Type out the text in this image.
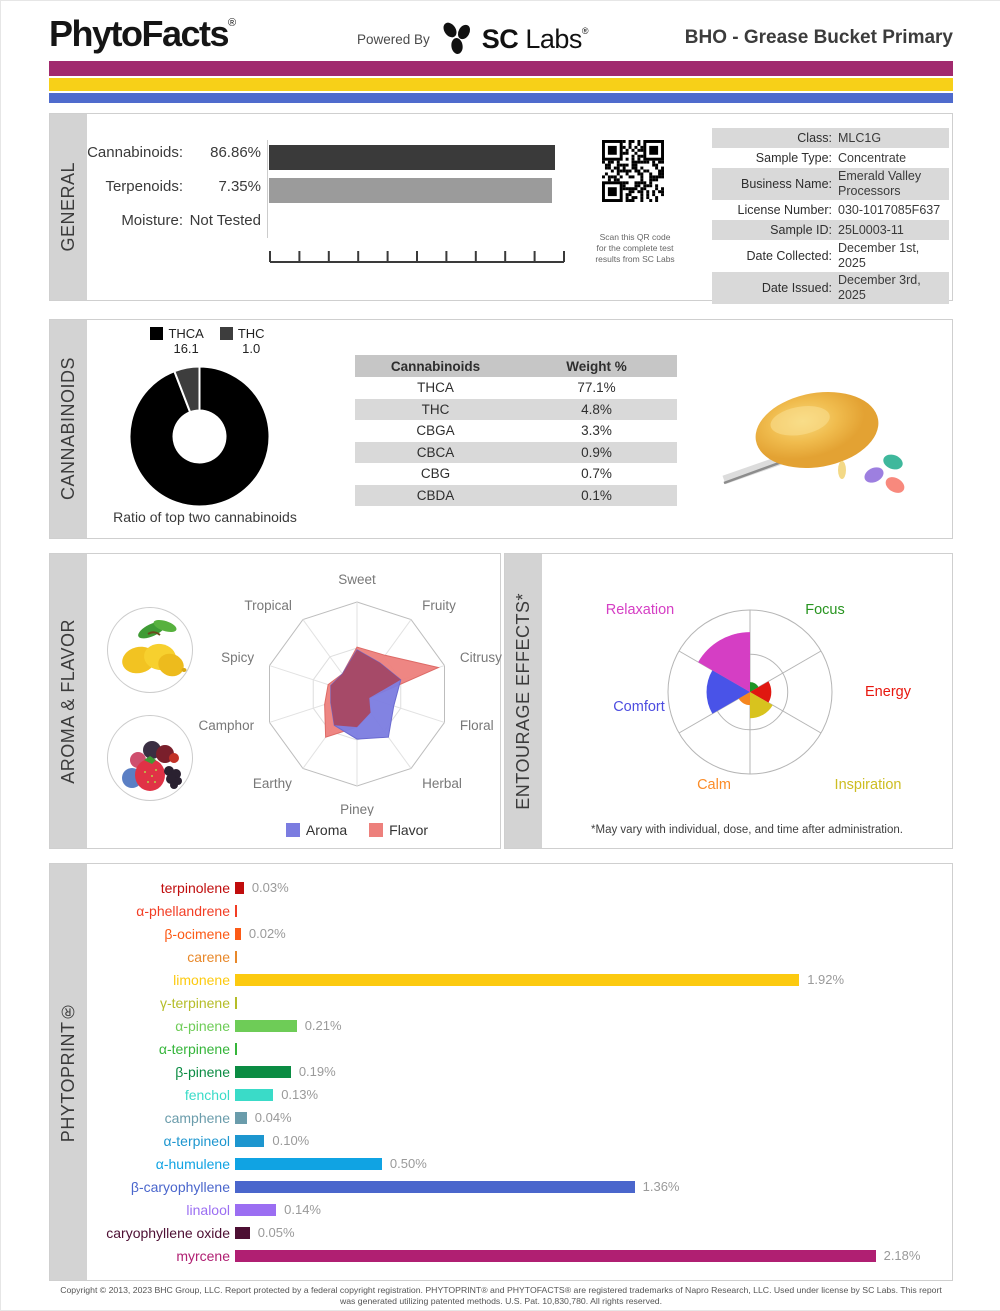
PhytoFacts®
Powered By SC Labs®	BHO - Grease Bucket Primary
GENERAL
Cannabinoids:	86.86%
Terpenoids:	7.35%
Moisture: Not Tested
Scan this QR code
for the complete test
results from SC Labs
Class: MLC1G
Sample Type: Concentrate
Business Name:
Emerald Valley Processors
License Number: 030-1017085F637
Sample ID: 25L0003-11
Date Collected:
December 1st, 2025
Date Issued:
December 3rd, 2025
CANNABINOIDS
THCA
16.1
THC
1.0
Ratio of top two cannabinoids
Cannabinoids	Weight %
THCA	77.1%
THC	4.8%
CBGA	3.3%
CBCA	0.9%
CBG	0.7%
CBDA	0.1%
AROMA & FLAVOR
Sweet
Fruity
Citrusy
Floral
Herbal
Piney
Earthy
Camphor
Spicy
Tropical
Aroma	Flavor
ENTOURAGE EFFECTS*	Focus
Energy
Inspiration
Calm
Comfort
Relaxation
*May vary with individual, dose, and time after administration.
PHYTOPRINT®
terpinolene	0.03%
α-phellandrene
β-ocimene	0.02%
carene
limonene	1.92%
γ-terpinene
α-pinene	0.21%
α-terpinene
β-pinene	0.19%
fenchol	0.13%
camphene	0.04%
α-terpineol	0.10%
α-humulene	0.50%
β-caryophyllene	1.36%
linalool	0.14%
caryophyllene oxide	0.05%
myrcene	2.18%
Copyright © 2013, 2023 BHC Group, LLC. Report protected by a federal copyright registration. PHYTOPRINT® and PHYTOFACTS® are registered trademarks of Napro Research, LLC. Used under license by SC Labs. This report
was generated utilizing patented methods. U.S. Pat. 10,830,780. All rights reserved.
